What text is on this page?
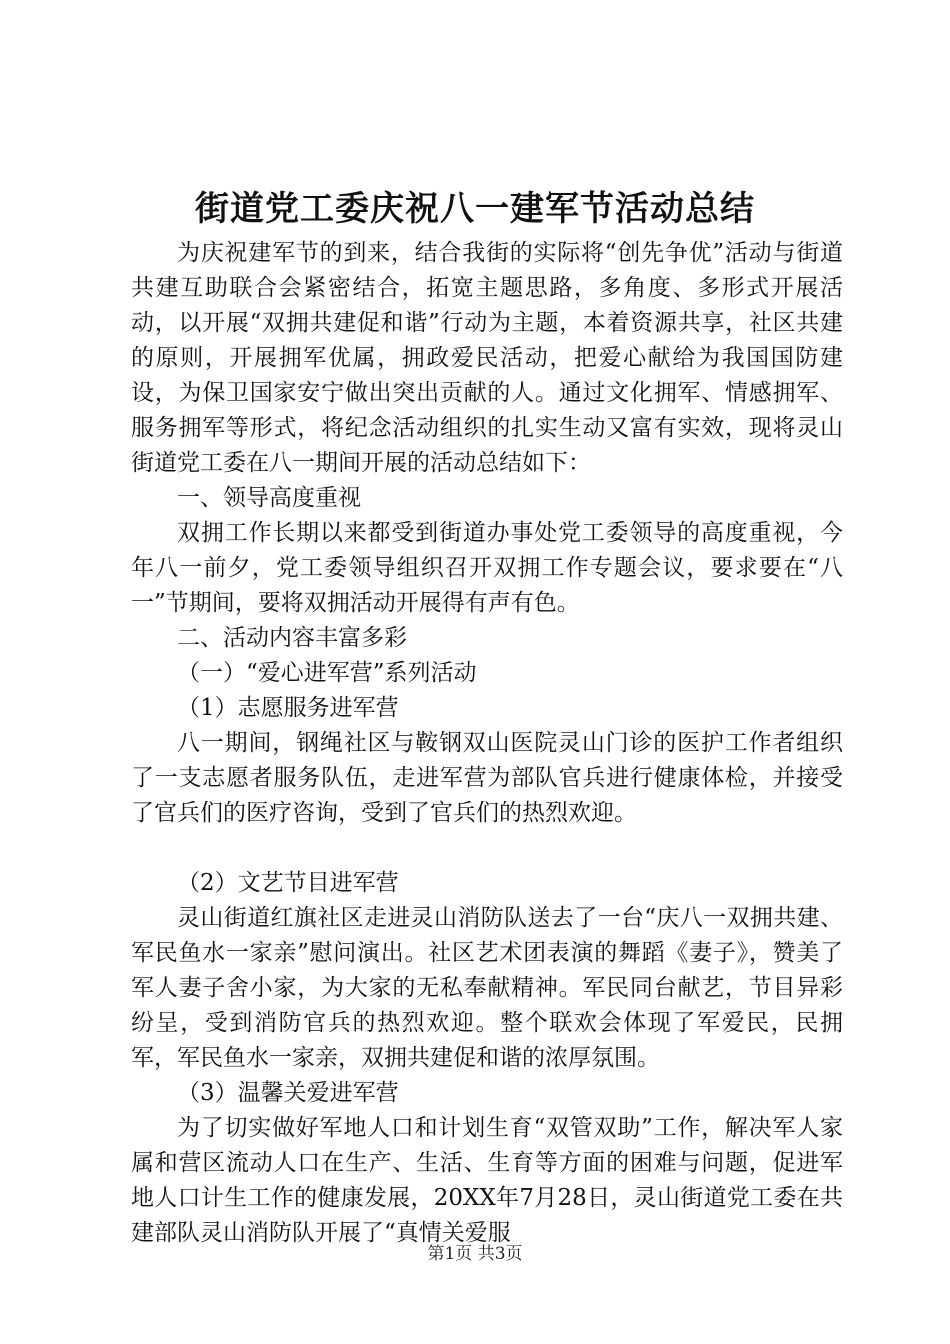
街道党工委庆祝八一建军节活动总结

为庆祝建军节的到来，结合我街的实际将“创先争优”活动与街道共建互助联合会紧密结合，拓宽主题思路，多角度、多形式开展活动，以开展“双拥共建促和谐”行动为主题，本着资源共享，社区共建的原则，开展拥军优属，拥政爱民活动，把爱心献给为我国国防建设，为保卫国家安宁做出突出贡献的人。通过文化拥军、情感拥军、服务拥军等形式，将纪念活动组织的扎实生动又富有实效，现将灵山街道党工委在八一期间开展的活动总结如下：

一、领导高度重视

双拥工作长期以来都受到街道办事处党工委领导的高度重视，今年八一前夕，党工委领导组织召开双拥工作专题会议，要求要在“八一”节期间，要将双拥活动开展得有声有色。

二、活动内容丰富多彩

（一）“爱心进军营”系列活动

（1）志愿服务进军营

八一期间，钢绳社区与鞍钢双山医院灵山门诊的医护工作者组织了一支志愿者服务队伍，走进军营为部队官兵进行健康体检，并接受了官兵们的医疗咨询，受到了官兵们的热烈欢迎。

（2）文艺节目进军营

灵山街道红旗社区走进灵山消防队送去了一台“庆八一双拥共建、军民鱼水一家亲”慰问演出。社区艺术团表演的舞蹈《妻子》，赞美了军人妻子舍小家，为大家的无私奉献精神。军民同台献艺，节目异彩纷呈，受到消防官兵的热烈欢迎。整个联欢会体现了军爱民，民拥军，军民鱼水一家亲，双拥共建促和谐的浓厚氛围。

（3）温馨关爱进军营

为了切实做好军地人口和计划生育“双管双助”工作，解决军人家属和营区流动人口在生产、生活、生育等方面的困难与问题，促进军地人口计生工作的健康发展，20XX年7月28日，灵山街道党工委在共建部队灵山消防队开展了“真情关爱服

第1页 共3页
